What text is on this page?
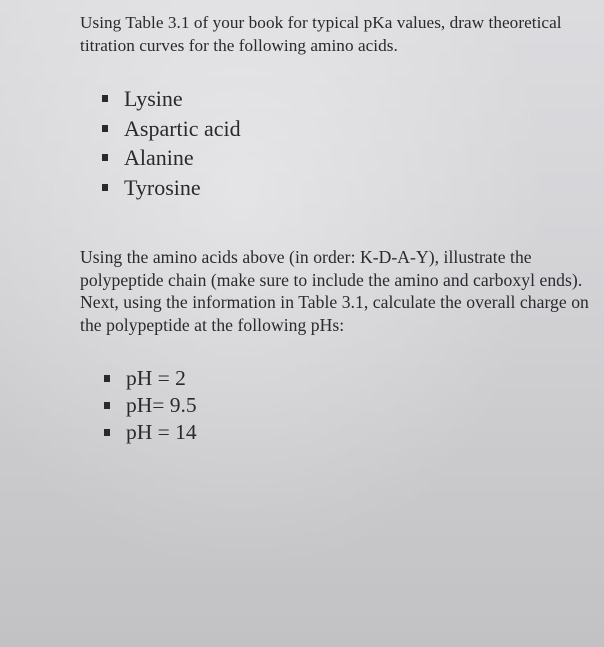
Using Table 3.1 of your book for typical pKa values, draw theoretical titration curves for the following amino acids.

Lysine
Aspartic acid
Alanine
Tyrosine

Using the amino acids above (in order: K-D-A-Y), illustrate the polypeptide chain (make sure to include the amino and carboxyl ends). Next, using the information in Table 3.1, calculate the overall charge on the polypeptide at the following pHs:

pH = 2
pH= 9.5
pH = 14
